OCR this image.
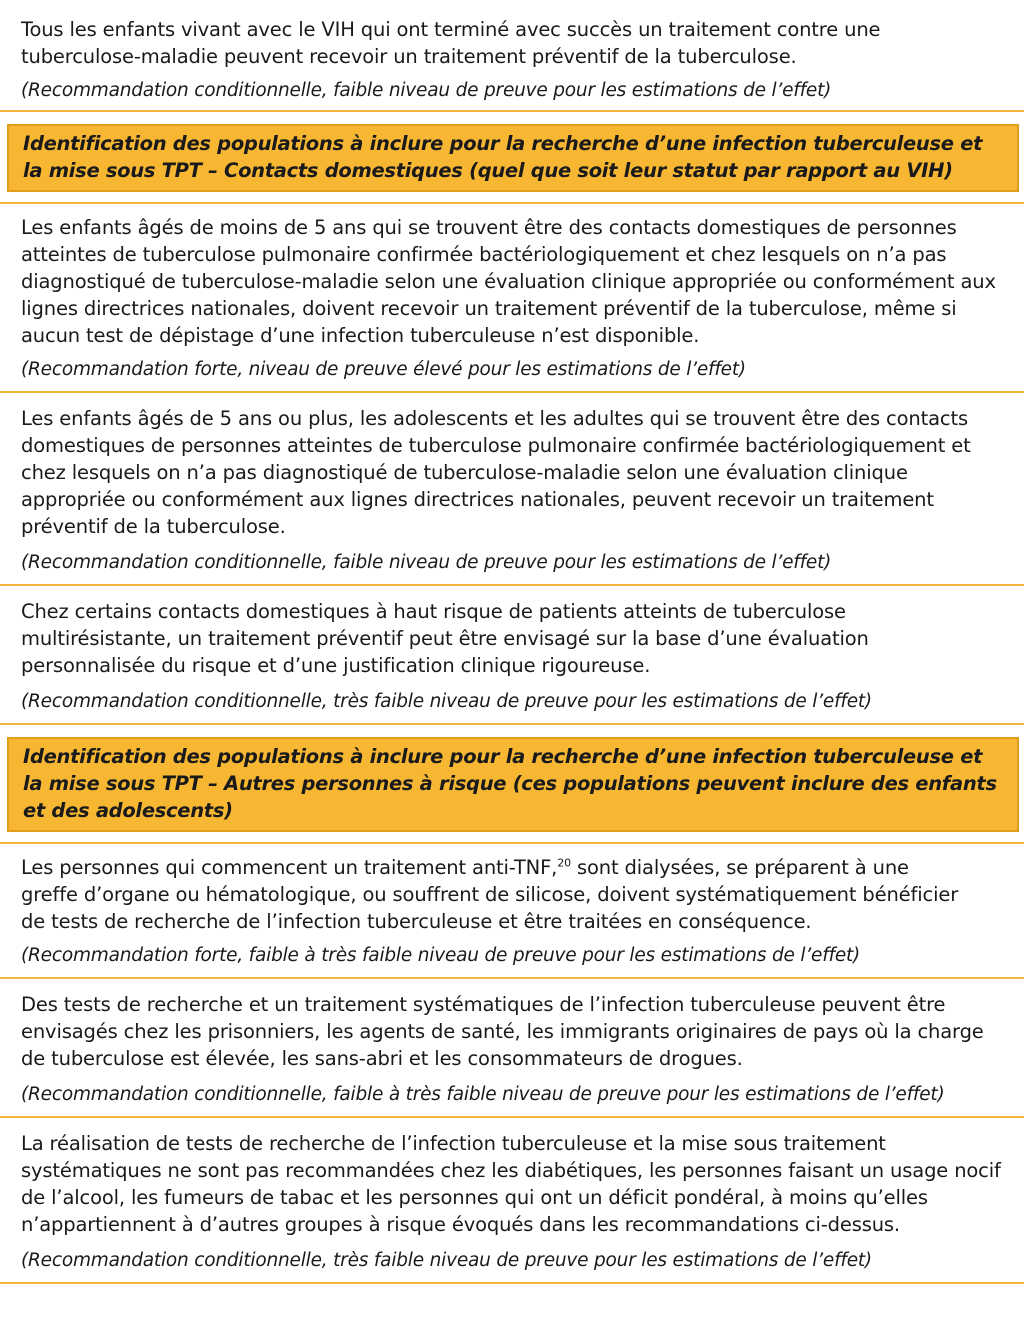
Tous les enfants vivant avec le VIH qui ont terminé avec succès un traitement contre une tuberculose-maladie peuvent recevoir un traitement préventif de la tuberculose.

(Recommandation conditionnelle, faible niveau de preuve pour les estimations de l’effet)

Identification des populations à inclure pour la recherche d’une infection tuberculeuse et la mise sous TPT – Contacts domestiques (quel que soit leur statut par rapport au VIH)

Les enfants âgés de moins de 5 ans qui se trouvent être des contacts domestiques de personnes atteintes de tuberculose pulmonaire confirmée bactériologiquement et chez lesquels on n’a pas diagnostiqué de tuberculose-maladie selon une évaluation clinique appropriée ou conformément aux lignes directrices nationales, doivent recevoir un traitement préventif de la tuberculose, même si aucun test de dépistage d’une infection tuberculeuse n’est disponible.

(Recommandation forte, niveau de preuve élevé pour les estimations de l’effet)

Les enfants âgés de 5 ans ou plus, les adolescents et les adultes qui se trouvent être des contacts domestiques de personnes atteintes de tuberculose pulmonaire confirmée bactériologiquement et chez lesquels on n’a pas diagnostiqué de tuberculose-maladie selon une évaluation clinique appropriée ou conformément aux lignes directrices nationales, peuvent recevoir un traitement préventif de la tuberculose.

(Recommandation conditionnelle, faible niveau de preuve pour les estimations de l’effet)

Chez certains contacts domestiques à haut risque de patients atteints de tuberculose multirésistante, un traitement préventif peut être envisagé sur la base d’une évaluation personnalisée du risque et d’une justification clinique rigoureuse.

(Recommandation conditionnelle, très faible niveau de preuve pour les estimations de l’effet)

Identification des populations à inclure pour la recherche d’une infection tuberculeuse et la mise sous TPT – Autres personnes à risque (ces populations peuvent inclure des enfants et des adolescents)

Les personnes qui commencent un traitement anti-TNF,$^{20}$ sont dialysées, se préparent à une greffe d’organe ou hématologique, ou souffrent de silicose, doivent systématiquement bénéficier de tests de recherche de l’infection tuberculeuse et être traitées en conséquence.

(Recommandation forte, faible à très faible niveau de preuve pour les estimations de l’effet)

Des tests de recherche et un traitement systématiques de l’infection tuberculeuse peuvent être envisagés chez les prisonniers, les agents de santé, les immigrants originaires de pays où la charge de tuberculose est élevée, les sans-abri et les consommateurs de drogues.

(Recommandation conditionnelle, faible à très faible niveau de preuve pour les estimations de l’effet)

La réalisation de tests de recherche de l’infection tuberculeuse et la mise sous traitement systématiques ne sont pas recommandées chez les diabétiques, les personnes faisant un usage nocif de l’alcool, les fumeurs de tabac et les personnes qui ont un déficit pondéral, à moins qu’elles n’appartiennent à d’autres groupes à risque évoqués dans les recommandations ci-dessus.

(Recommandation conditionnelle, très faible niveau de preuve pour les estimations de l’effet)
